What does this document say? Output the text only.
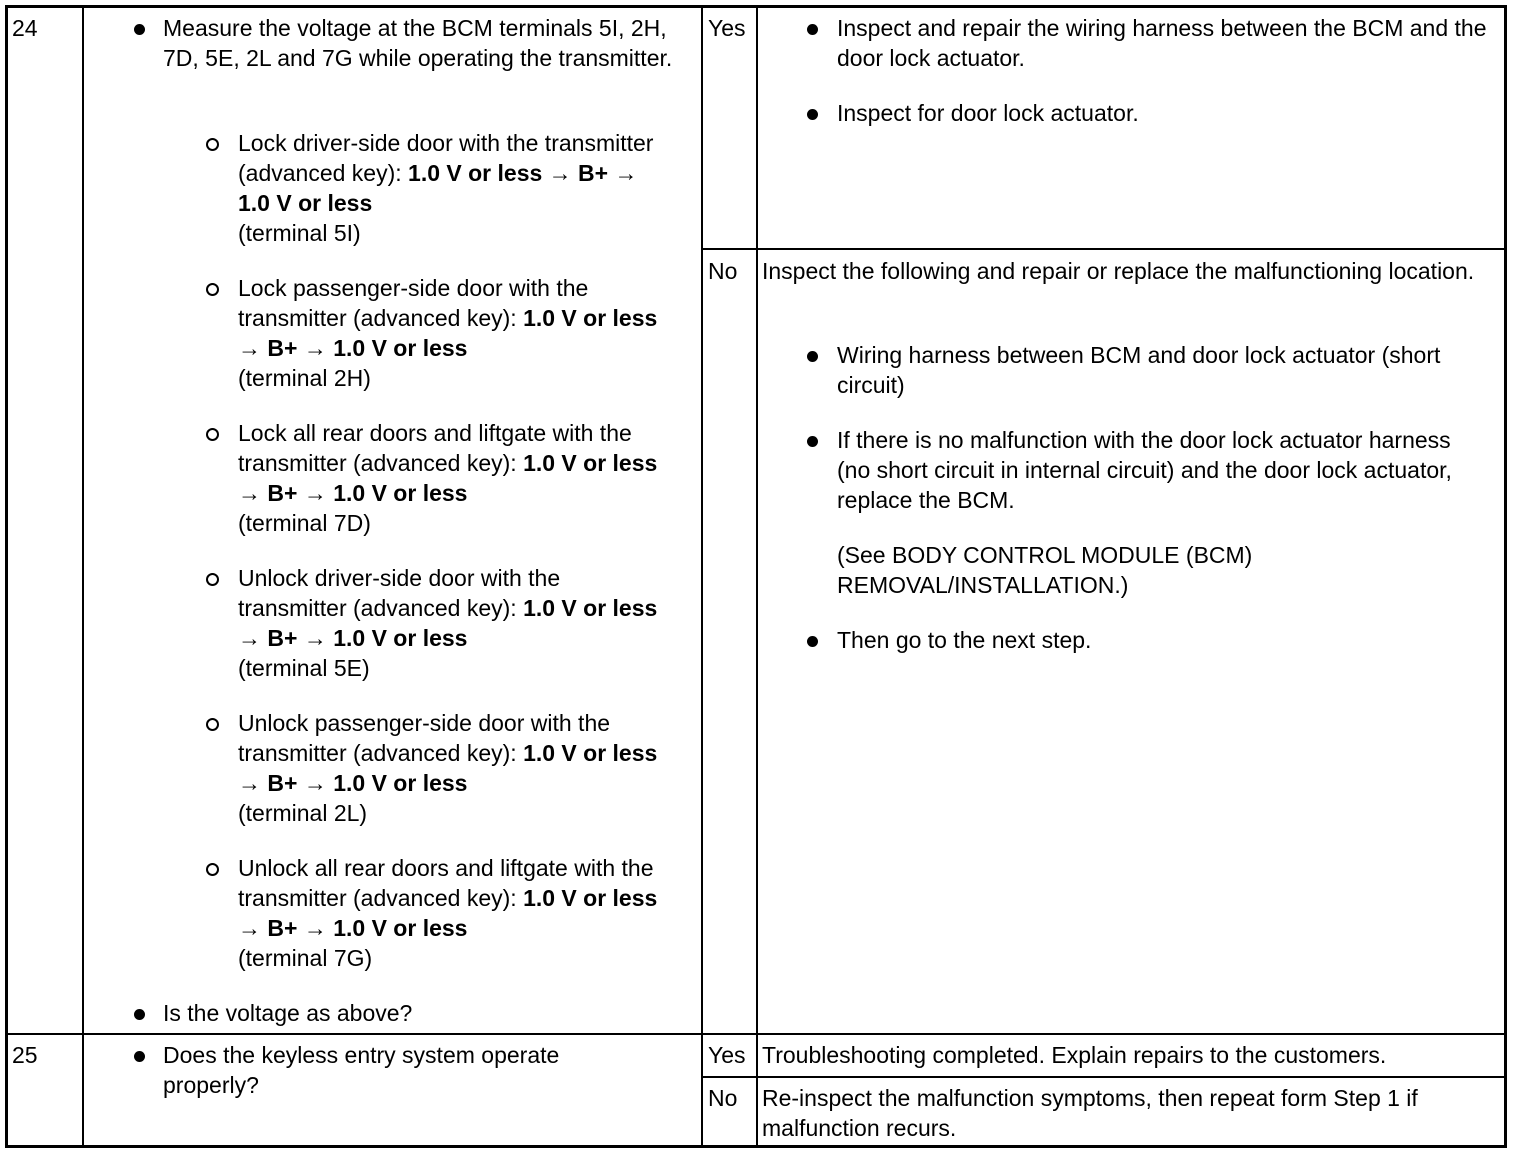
24	Measure the voltage at the BCM terminals 5I, 2H, 7D, 5E, 2L and 7G while operating the transmitter.
Lock driver-side door with the transmitter (advanced key): 1.0 V or less → B+ → 1.0 V or less
(terminal 5I)
Lock passenger-side door with the transmitter (advanced key): 1.0 V or less → B+ → 1.0 V or less
(terminal 2H)
Lock all rear doors and liftgate with the transmitter (advanced key): 1.0 V or less → B+ → 1.0 V or less
(terminal 7D)
Unlock driver-side door with the transmitter (advanced key): 1.0 V or less → B+ → 1.0 V or less
(terminal 5E)
Unlock passenger-side door with the transmitter (advanced key): 1.0 V or less → B+ → 1.0 V or less
(terminal 2L)
Unlock all rear doors and liftgate with the transmitter (advanced key): 1.0 V or less → B+ → 1.0 V or less
(terminal 7G)
Is the voltage as above?
Yes	Inspect and repair the wiring harness between the BCM and the door lock actuator.
Inspect for door lock actuator.
No Inspect the following and repair or replace the malfunctioning location.
Wiring harness between BCM and door lock actuator (short circuit)
If there is no malfunction with the door lock actuator harness (no short circuit in internal circuit) and the door lock actuator, replace the BCM.
(See BODY CONTROL MODULE (BCM) REMOVAL/INSTALLATION.)
Then go to the next step.
25	Does the keyless entry system operate properly?
Yes Troubleshooting completed. Explain repairs to the customers.
No Re-inspect the malfunction symptoms, then repeat form Step 1 if malfunction recurs.
